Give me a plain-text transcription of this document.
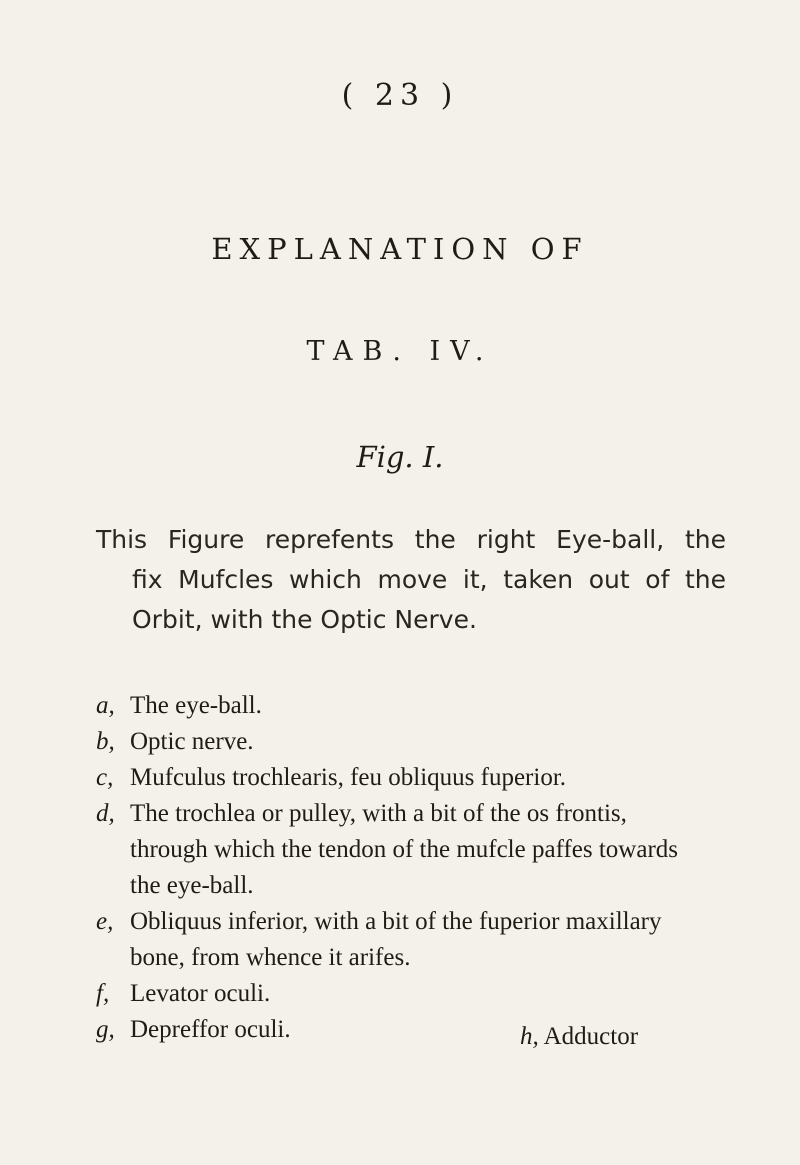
( 23 )
EXPLANATION OF
TAB. IV.
Fig. I.
This Figure reprefents the right Eye-ball, the
fix Mufcles which move it, taken out of the
Orbit, with the Optic Nerve.
a, The eye-ball.
b, Optic nerve.
c, Mufculus trochlearis, feu obliquus fuperior.
d, The trochlea or pulley, with a bit of the os frontis,
through which the tendon of the mufcle paffes towards
the eye-ball.
e, Obliquus inferior, with a bit of the fuperior maxillary
bone, from whence it arifes.
f, Levator oculi.
g, Depreffor oculi.	h, Adductor
